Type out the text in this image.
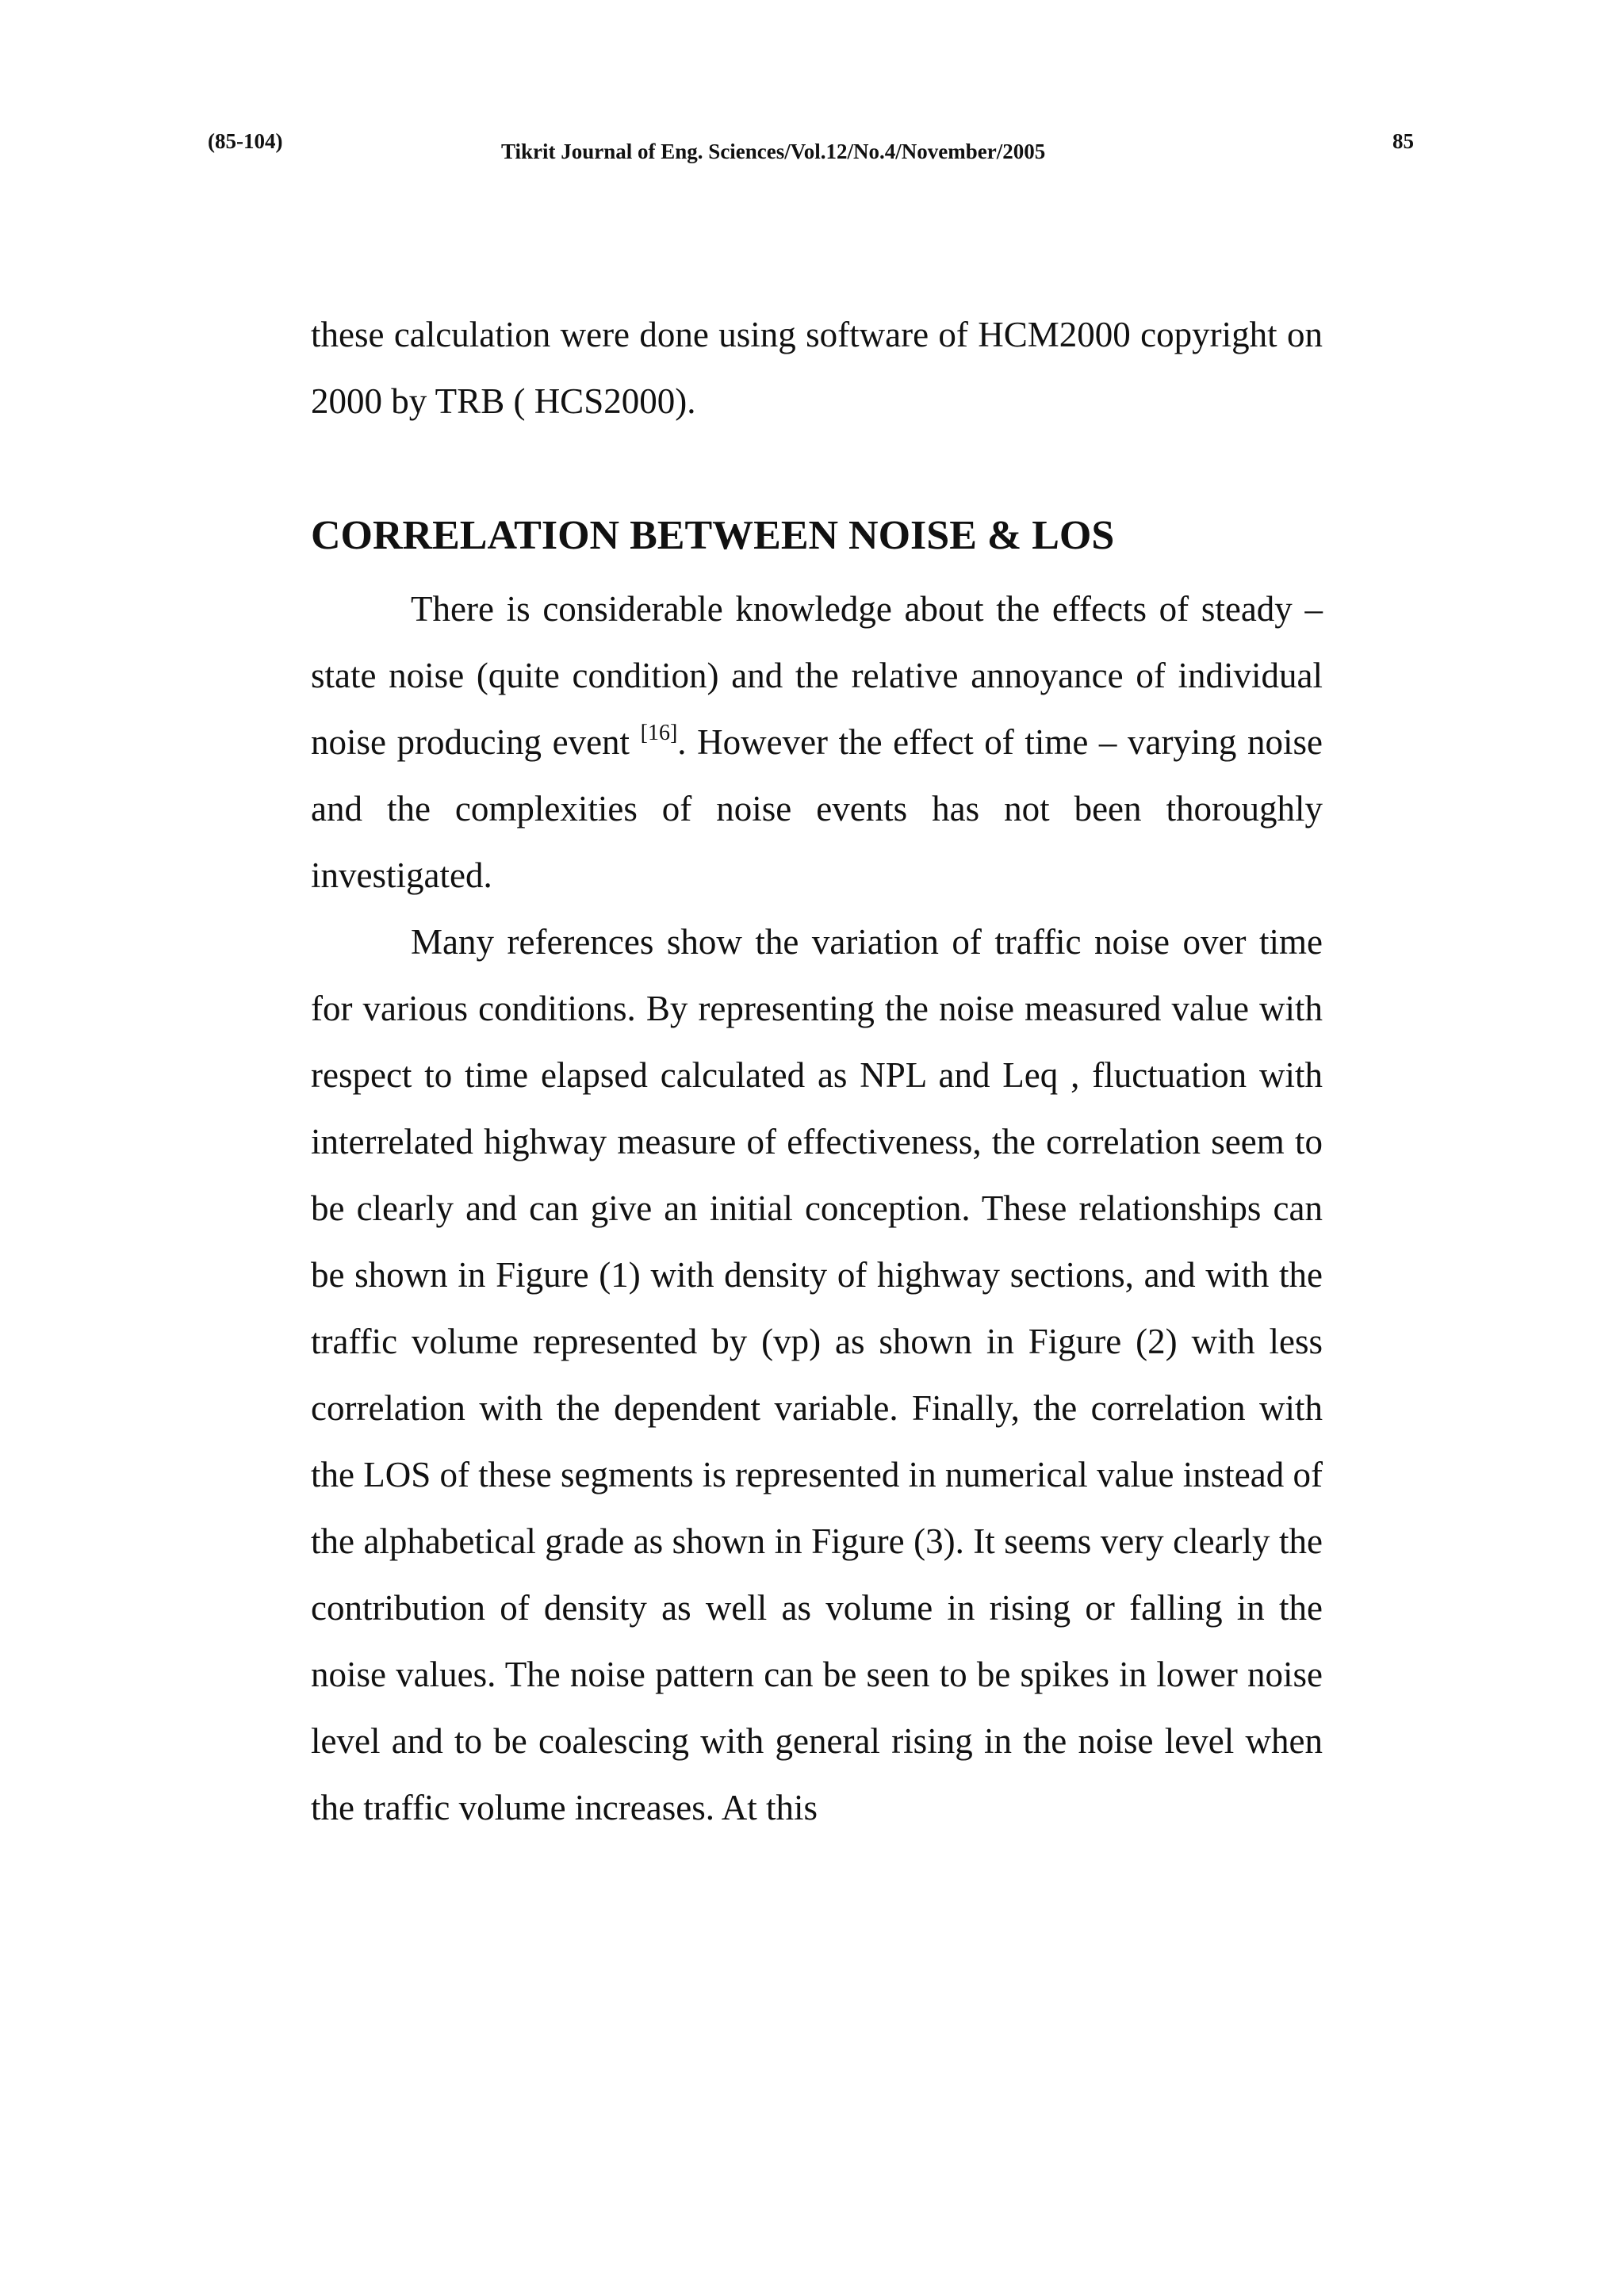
(85-104)	Tikrit Journal of Eng. Sciences/Vol.12/No.4/November/2005	85

these calculation were done using software of HCM2000 copyright on 2000 by TRB ( HCS2000).

CORRELATION BETWEEN NOISE & LOS

There is considerable knowledge about the effects of steady – state noise (quite condition) and the relative annoyance of individual noise producing event [16]. However the effect of time – varying noise and the complexities of noise events has not been thoroughly investigated.

Many references show the variation of traffic noise over time for various conditions. By representing the noise measured value with respect to time elapsed calculated as NPL and Leq , fluctuation with interrelated highway measure of effectiveness, the correlation seem to be clearly and can give an initial conception. These relationships can be shown in Figure (1) with density of highway sections, and with the traffic volume represented by (vp) as shown in Figure (2) with less correlation with the dependent variable. Finally, the correlation with the LOS of these segments is represented in numerical value instead of the alphabetical grade as shown in Figure (3). It seems very clearly the contribution of density as well as volume in rising or falling in the noise values. The noise pattern can be seen to be spikes in lower noise level and to be coalescing with general rising in the noise level when the traffic volume increases. At this
